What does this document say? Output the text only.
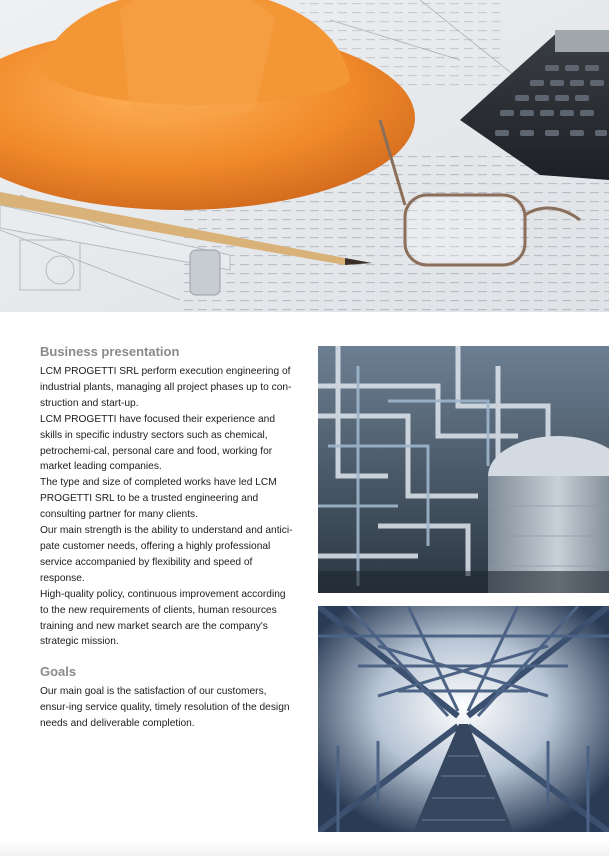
Business presentation

LCM PROGETTI SRL perform execution engineering of industrial plants, managing all project phases up to con-struction and start-up.

LCM PROGETTI have focused their experience and skills in specific industry sectors such as chemical, petrochemi-cal, personal care and food, working for market leading companies.

The type and size of completed works have led LCM PROGETTI SRL to be a trusted engineering and consulting partner for many clients.

Our main strength is the ability to understand and antici-pate customer needs, offering a highly professional service accompanied by flexibility and speed of response.

High-quality policy, continuous improvement according to the new requirements of clients, human resources training and new market search are the company's strategic mission.

Goals

Our main goal is the satisfaction of our customers, ensur-ing service quality, timely resolution of the design needs and deliverable completion.
